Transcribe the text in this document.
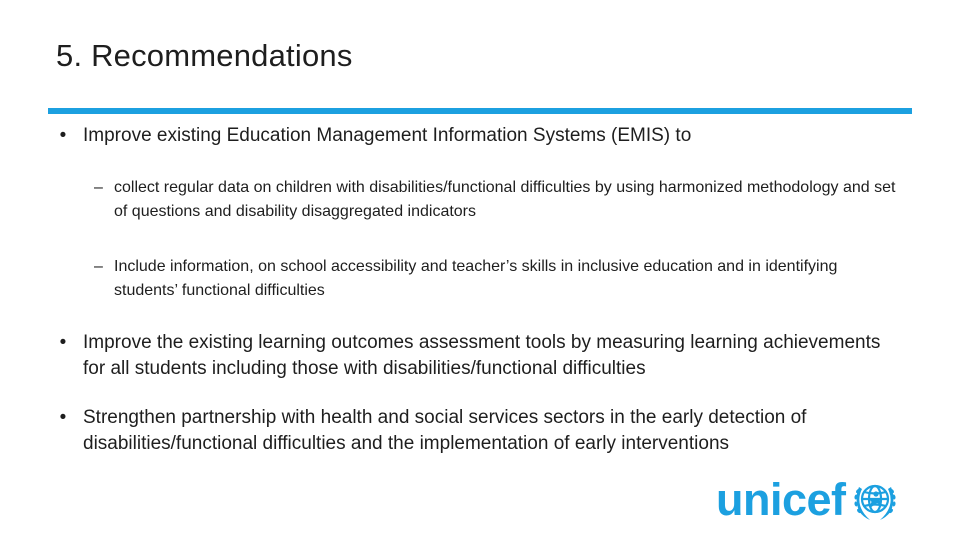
5. Recommendations
• Improve existing Education Management Information Systems (EMIS) to
– collect regular data on children with disabilities/functional difficulties by using harmonized methodology and set of questions and disability disaggregated indicators
– Include information, on school accessibility and teacher’s skills in inclusive education and in identifying students’ functional difficulties
• Improve the existing learning outcomes assessment tools by measuring learning achievements for all students including those with disabilities/functional difficulties
• Strengthen partnership with health and social services sectors in the early detection of disabilities/functional difficulties and the implementation of early interventions
unicef
